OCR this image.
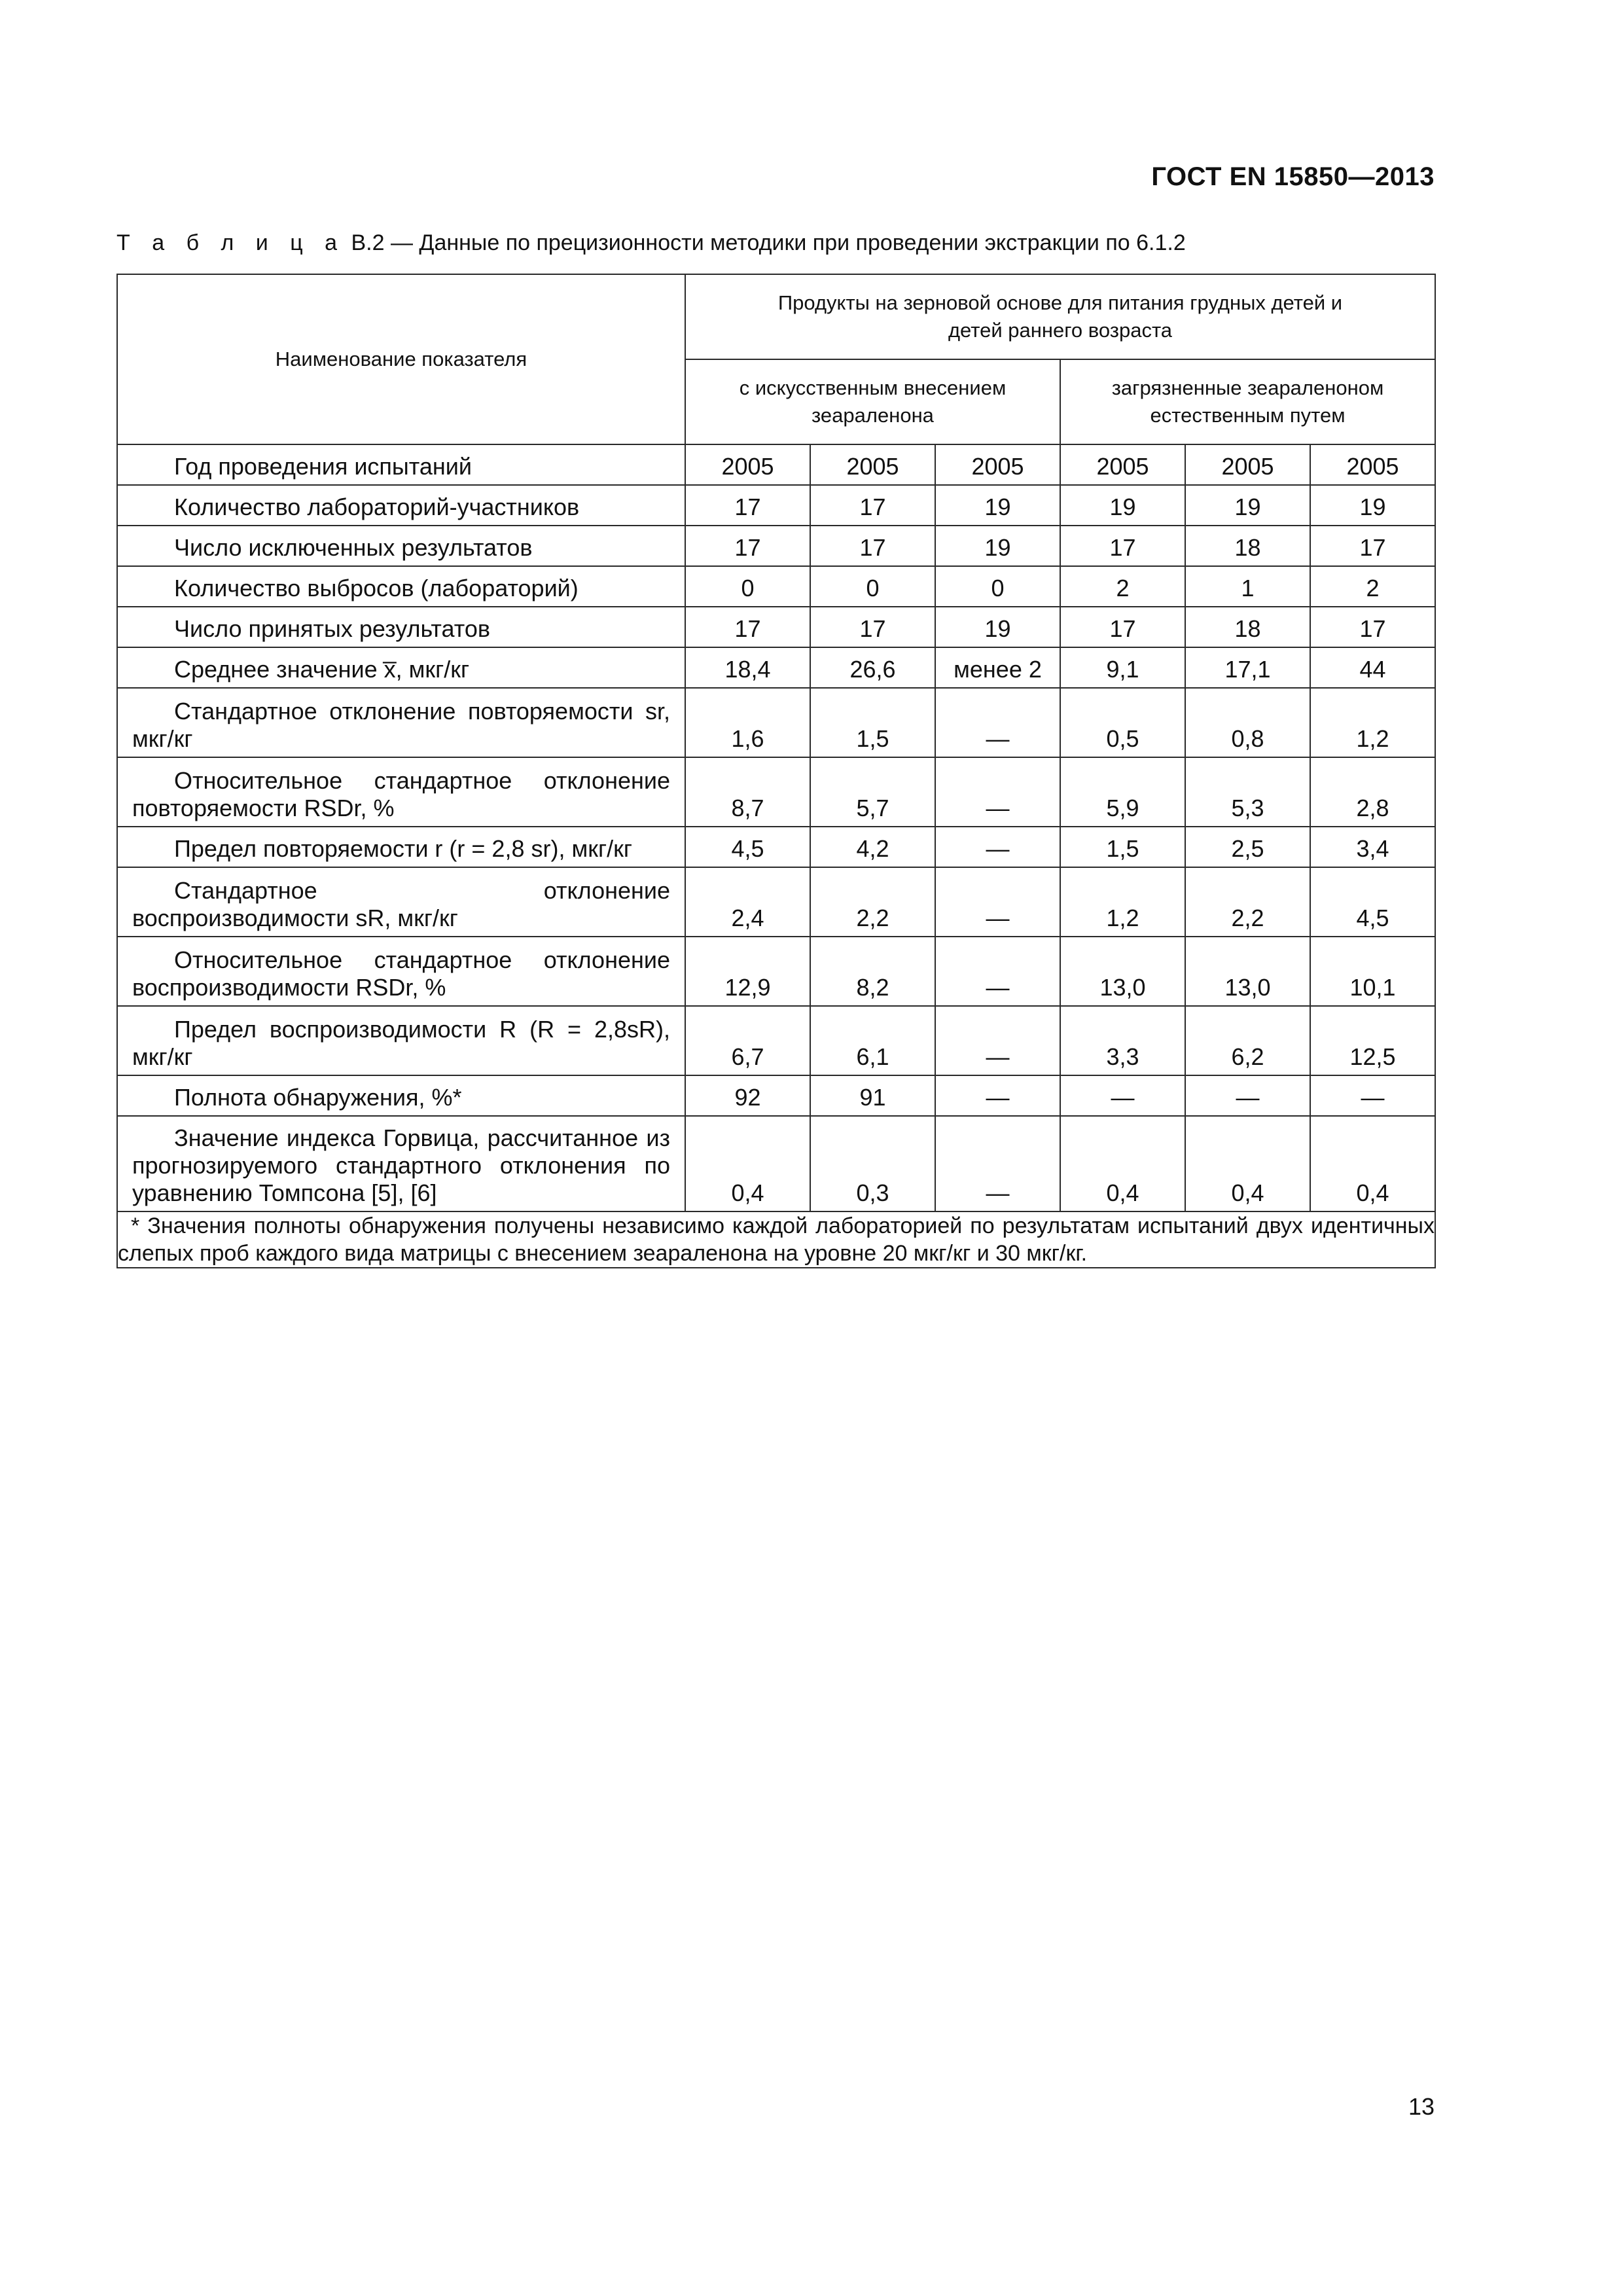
ГОСТ EN 15850—2013
Т а б л и ц а В.2 — Данные по прецизионности методики при проведении экстракции по 6.1.2
Наименование показателя	Продукты на зерновой основе для питания грудных детей и детей раннего возраста					
	с искусственным внесением зеараленона			загрязненные зеараленоном естественным путем		

Год проведения испытаний	2005	2005	2005	2005	2005	2005

Количество лабораторий-участников	17	17	19	19	19	19

Число исключенных результатов	17	17	19	17	18	17

Количество выбросов (лабораторий)	0	0	0	2	1	2

Число принятых результатов	17	17	19	17	18	17

Среднее значение x̅, мкг/кг	18,4	26,6	менее 2	9,1	17,1	44

Стандартное отклонение повторяемости sr, мкг/кг	1,6	1,5	—	0,5	0,8	1,2

Относительное стандартное отклонение повторяемости RSDr, %	8,7	5,7	—	5,9	5,3	2,8

Предел повторяемости r (r = 2,8 sr), мкг/кг	4,5	4,2	—	1,5	2,5	3,4

Стандартное отклонение воспроизводимости sR, мкг/кг	2,4	2,2	—	1,2	2,2	4,5

Относительное стандартное отклонение воспроизводимости RSDr, %	12,9	8,2	—	13,0	13,0	10,1

Предел воспроизводимости R (R = 2,8sR), мкг/кг	6,7	6,1	—	3,3	6,2	12,5

Полнота обнаружения, %*	92	91	—	—	—	—

Значение индекса Горвица, рассчитанное из прогнозируемого стандартного отклонения по уравнению Томпсона [5], [6]	0,4	0,3	—	0,4	0,4	0,4

* Значения полноты обнаружения получены независимо каждой лабораторией по результатам испытаний двух идентичных слепых проб каждого вида матрицы с внесением зеараленона на уровне 20 мкг/кг и 30 мкг/кг.						
13
